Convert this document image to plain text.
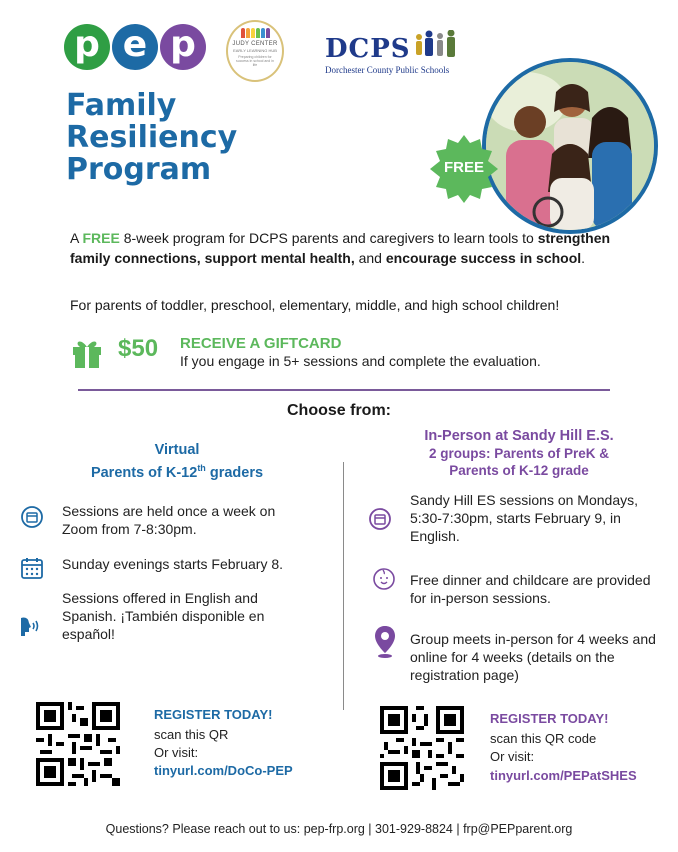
p e p	JUDY CENTER
EARLY LEARNING HUB
Preparing children for success in school and in life
DCPS
Dorchester County Public Schools
Family
Resiliency
Program	FREE
A FREE 8-week program for DCPS parents and caregivers to learn tools to strengthen family connections, support mental health, and encourage success in school.
For parents of toddler, preschool, elementary, middle, and high school children!
$50 RECEIVE A GIFTCARD
If you engage in 5+ sessions and complete the evaluation.
Choose from:
Virtual
Parents of K-12th graders
Sessions are held once a week on Zoom from 7-8:30pm.
Sunday evenings starts February 8.
Sessions offered in English and Spanish. ¡También disponible en español!
In-Person at Sandy Hill E.S.
2 groups: Parents of PreK &
Parents of K-12 grade
Sandy Hill ES sessions on Mondays, 5:30-7:30pm, starts February 9, in English.
Free dinner and childcare are provided for in-person sessions.
Group meets in-person for 4 weeks and online for 4 weeks (details on the registration page)
REGISTER TODAY!
scan this QR
Or visit:
tinyurl.com/DoCo-PEP
REGISTER TODAY!
scan this QR code
Or visit:
tinyurl.com/PEPatSHES
Questions? Please reach out to us: pep-frp.org | 301-929-8824 | frp@PEPparent.org
